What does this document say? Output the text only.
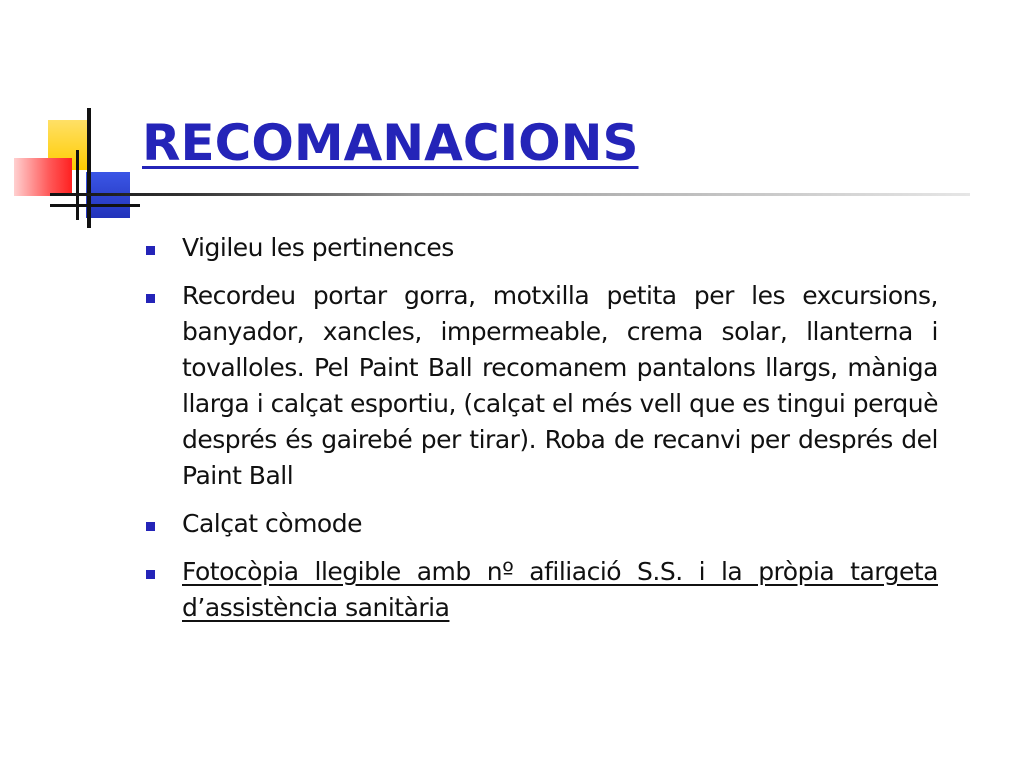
RECOMANACIONS
Vigileu les pertinences
Recordeu portar gorra, motxilla petita per les excursions, banyador, xancles, impermeable, crema solar, llanterna i tovalloles. Pel Paint Ball recomanem pantalons llargs, màniga llarga i calçat esportiu, (calçat el més vell que es tingui perquè després és gairebé per tirar). Roba de recanvi per després del Paint Ball
Calçat còmode
Fotocòpia llegible amb nº afiliació S.S. i la pròpia targeta d’assistència sanitària
